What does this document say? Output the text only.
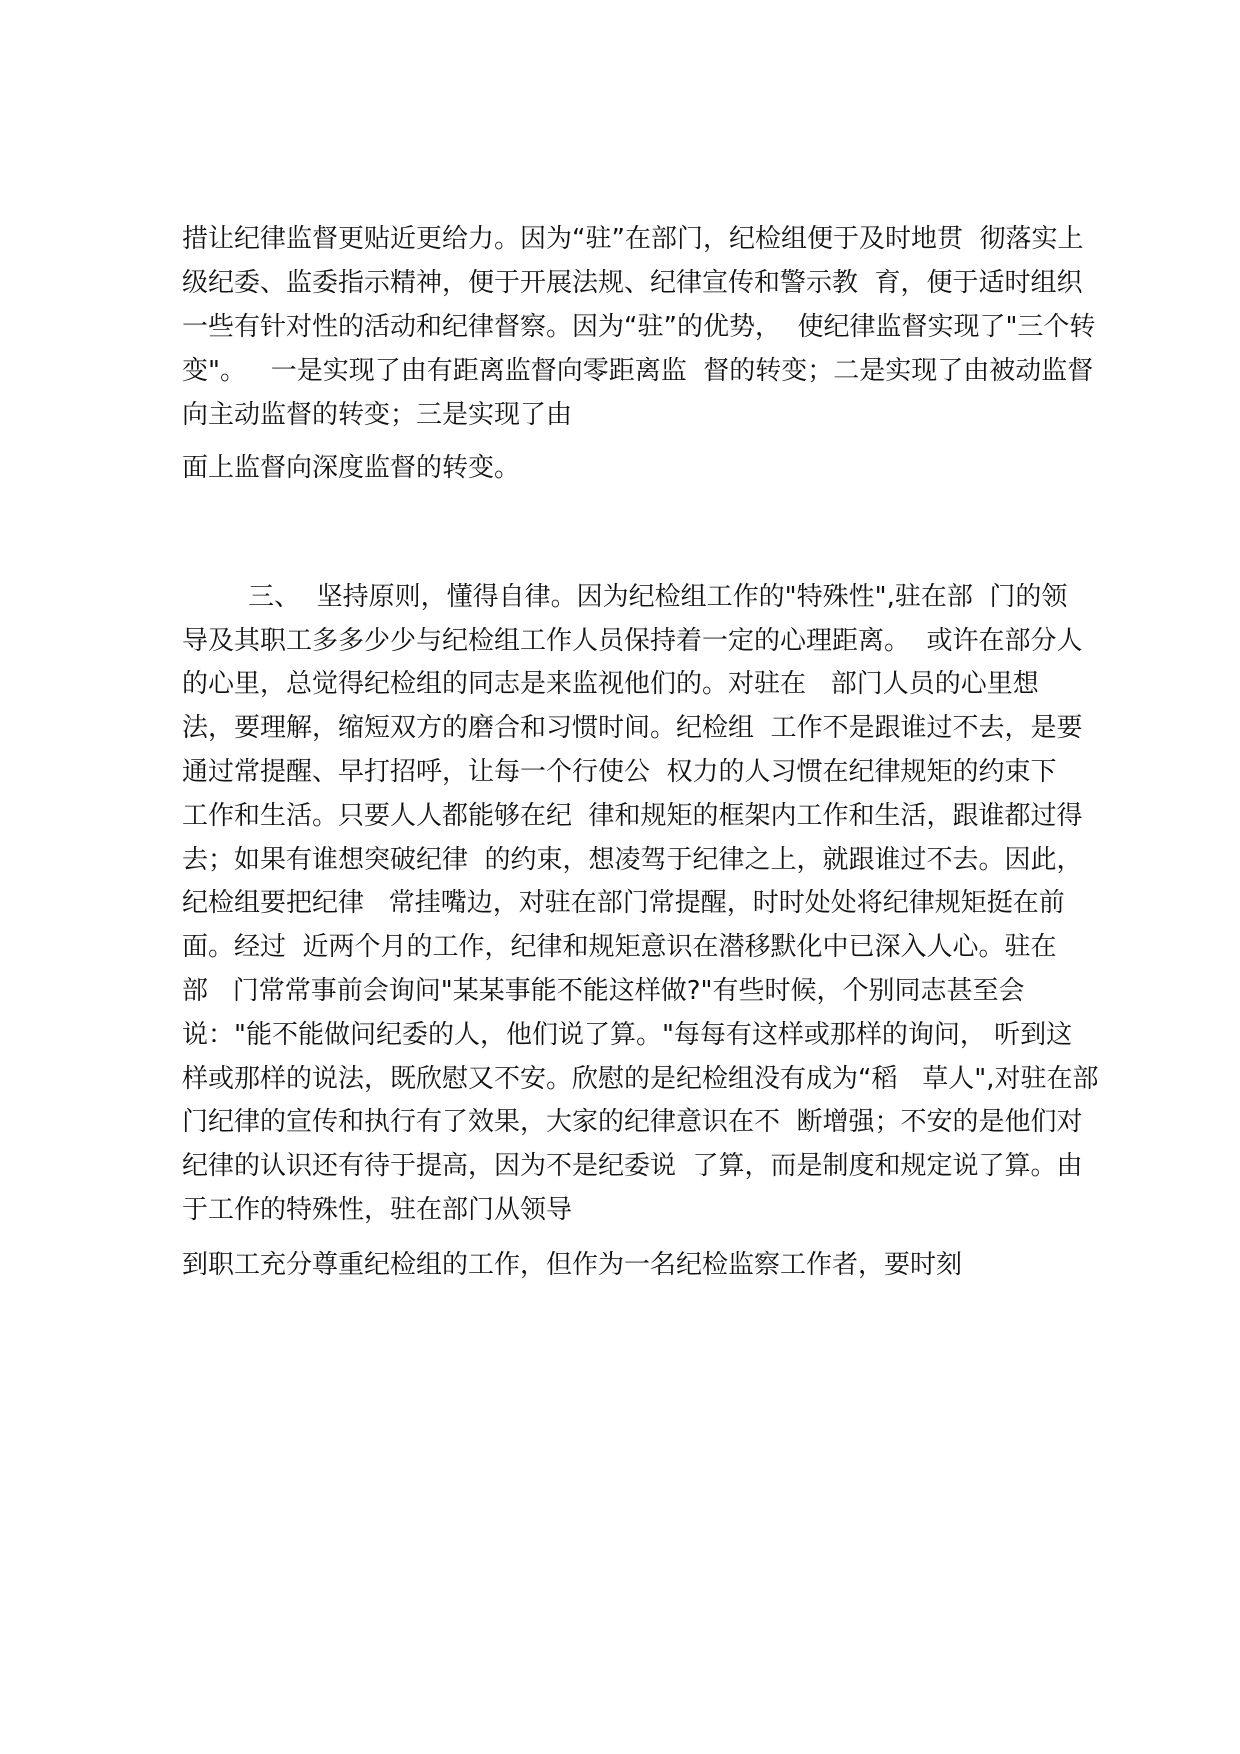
措让纪律监督更贴近更给力。因为“驻”在部门，纪检组便于及时地贯  彻落实上

级纪委、监委指示精神，便于开展法规、纪律宣传和警示教  育，便于适时组织

一些有针对性的活动和纪律督察。因为“驻”的优势，  使纪律监督实现了"三个转

变"。   一是实现了由有距离监督向零距离监  督的转变；二是实现了由被动监督

向主动监督的转变；三是实现了由

面上监督向深度监督的转变。

三、  坚持原则，懂得自律。因为纪检组工作的"特殊性",驻在部  门的领

导及其职工多多少少与纪检组工作人员保持着一定的心理距离。  或许在部分人

的心里，总觉得纪检组的同志是来监视他们的。对驻在   部门人员的心里想

法，要理解，缩短双方的磨合和习惯时间。纪检组  工作不是跟谁过不去，是要

通过常提醒、早打招呼，让每一个行使公  权力的人习惯在纪律规矩的约束下

工作和生活。只要人人都能够在纪  律和规矩的框架内工作和生活，跟谁都过得

去；如果有谁想突破纪律  的约束，想凌驾于纪律之上，就跟谁过不去。因此，

纪检组要把纪律   常挂嘴边，对驻在部门常提醒，时时处处将纪律规矩挺在前

面。经过  近两个月的工作，纪律和规矩意识在潜移默化中已深入人心。驻在

部   门常常事前会询问"某某事能不能这样做?"有些时候，个别同志甚至会

说："能不能做问纪委的人，他们说了算。"每每有这样或那样的询问， 听到这

样或那样的说法，既欣慰又不安。欣慰的是纪检组没有成为“稻   草人",对驻在部

门纪律的宣传和执行有了效果，大家的纪律意识在不  断增强；不安的是他们对

纪律的认识还有待于提高，因为不是纪委说  了算，而是制度和规定说了算。由

于工作的特殊性，驻在部门从领导

到职工充分尊重纪检组的工作，但作为一名纪检监察工作者，要时刻
